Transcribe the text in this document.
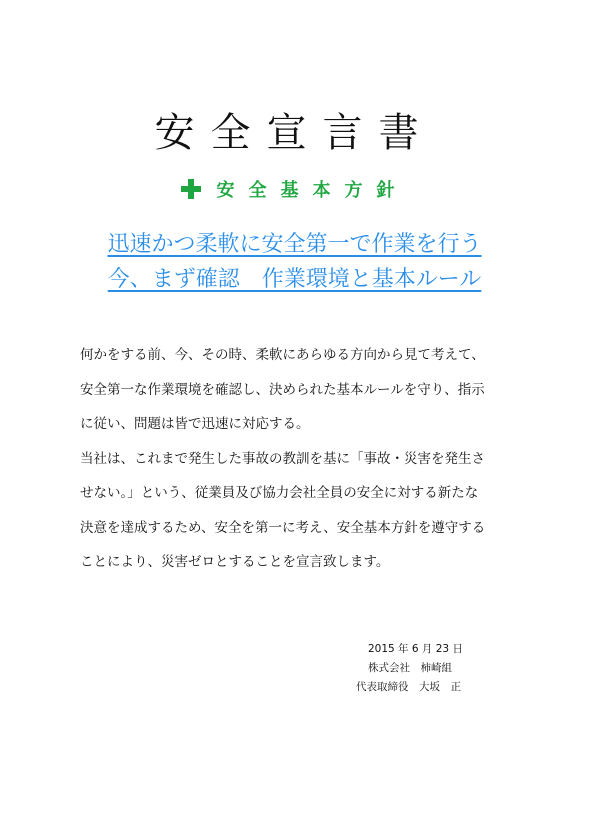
安全宣言書
安全基本方針
迅速かつ柔軟に安全第一で作業を行う
今、まず確認　作業環境と基本ルール

何かをする前、今、その時、柔軟にあらゆる方向から見て考えて、

安全第一な作業環境を確認し、決められた基本ルールを守り、指示

に従い、問題は皆で迅速に対応する。

当社は、これまで発生した事故の教訓を基に「事故・災害を発生さ

せない。」という、従業員及び協力会社全員の安全に対する新たな

決意を達成するため、安全を第一に考え、安全基本方針を遵守する

ことにより、災害ゼロとすることを宣言致します。

2015 年 6 月 23 日

株式会社　柿崎組

代表取締役　大坂　正
